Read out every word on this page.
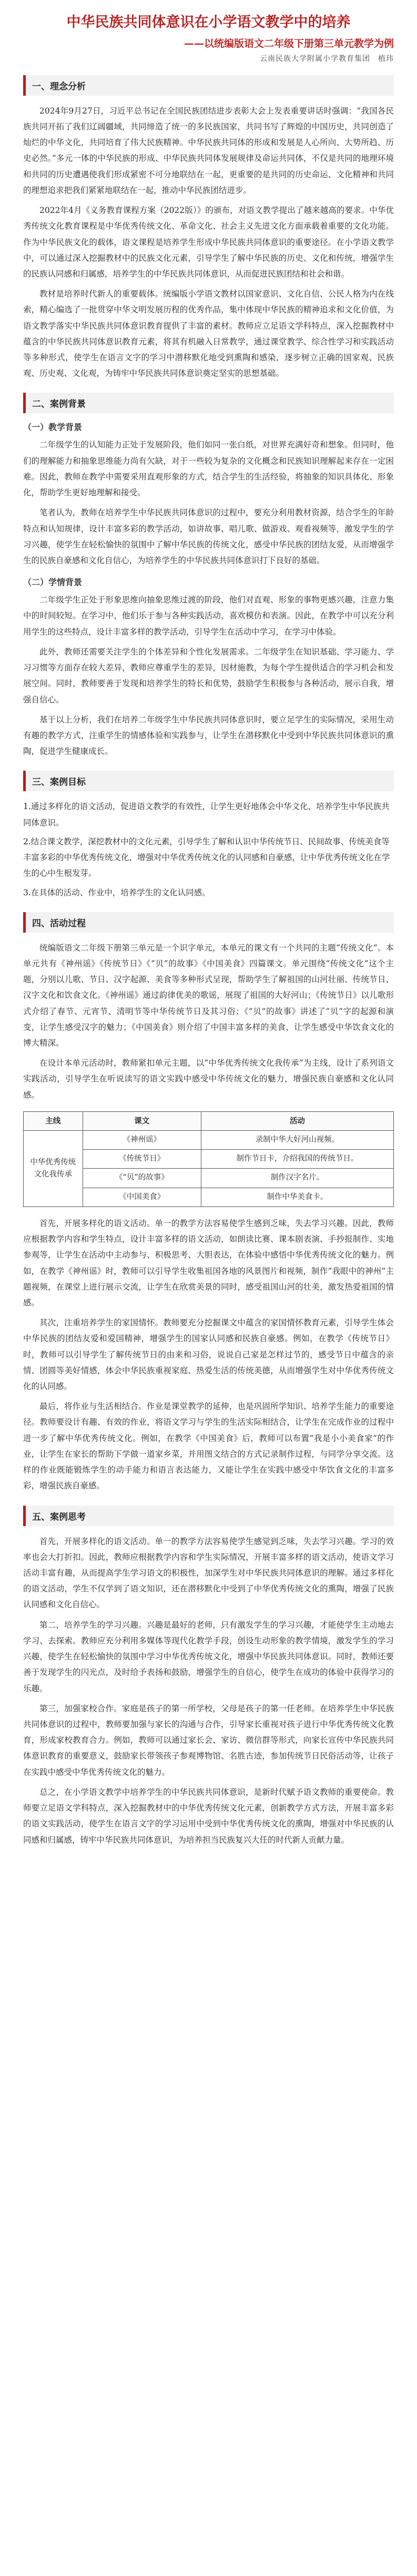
中华民族共同体意识在小学语文教学中的培养
——以统编版语文二年级下册第三单元教学为例
云南民族大学附属小学教育集团　植玮
一、理念分析

2024年9月27日，习近平总书记在全国民族团结进步表彰大会上发表重要讲话时强调：“我国各民族共同开拓了我们辽阔疆域，共同缔造了统一的多民族国家，共同书写了辉煌的中国历史，共同创造了灿烂的中华文化，共同培育了伟大民族精神。中华民族共同体的形成和发展是人心所向、大势所趋、历史必然。”多元一体的中华民族的形成、中华民族共同体发展规律及命运共同体，不仅是共同的地理环境和共同的历史遭遇使我们形成紧密不可分地联结在一起，更重要的是共同的历史命运、文化精神和共同的理想追求把我们紧紧地联结在一起，推动中华民族团结进步。

2022年4月《义务教育课程方案（2022版）》的颁布，对语文教学提出了越来越高的要求。中华优秀传统文化教育课程是中华优秀传统文化、革命文化、社会主义先进文化方面承载着重要的文化功能。作为中华民族文化的载体，语文课程是培养学生形成中华民族共同体意识的重要途径。在小学语文教学中，可以通过深入挖掘教材中的民族文化元素，引导学生了解中华民族的历史、文化和传统，增强学生的民族认同感和归属感，培养学生的中华民族共同体意识，从而促进民族团结和社会和谐。

教材是培养时代新人的重要载体。统编版小学语文教材以国家意识、文化自信、公民人格为内在线索，精心编选了一批贯穿中华文明发展历程的优秀作品，集中体现中华民族的精神追求和文化价值，为语文教学落实中华民族共同体意识教育提供了丰富的素材。教师应立足语文学科特点，深入挖掘教材中蕴含的中华民族共同体意识教育元素，将其有机融入日常教学，通过课堂教学、综合性学习和实践活动等多种形式，使学生在语言文字的学习中潜移默化地受到熏陶和感染，逐步树立正确的国家观、民族观、历史观、文化观，为铸牢中华民族共同体意识奠定坚实的思想基础。

二、案例背景
（一）教学背景

二年级学生的认知能力正处于发展阶段，他们如同一张白纸，对世界充满好奇和想象。但同时，他们的理解能力和抽象思维能力尚有欠缺，对于一些较为复杂的文化概念和民族知识理解起来存在一定困难。因此，教师在教学中需要采用直观形象的方式，结合学生的生活经验，将抽象的知识具体化、形象化，帮助学生更好地理解和接受。

笔者认为，教师在培养学生中华民族共同体意识的过程中，要充分利用教材资源，结合学生的年龄特点和认知规律，设计丰富多彩的教学活动，如讲故事、唱儿歌、做游戏、观看视频等，激发学生的学习兴趣，使学生在轻松愉快的氛围中了解中华民族的传统文化，感受中华民族的团结友爱，从而增强学生的民族自豪感和文化自信心，为培养学生的中华民族共同体意识打下良好的基础。

（二）学情背景

二年级学生正处于形象思维向抽象思维过渡的阶段，他们对直观、形象的事物更感兴趣，注意力集中的时间较短。在学习中，他们乐于参与各种实践活动，喜欢模仿和表演。因此，在教学中可以充分利用学生的这些特点，设计丰富多样的教学活动，引导学生在活动中学习，在学习中体验。

此外，教师还需要关注学生的个体差异和个性化发展需求。二年级学生在知识基础、学习能力、学习习惯等方面存在较大差异，教师应尊重学生的差异，因材施教，为每个学生提供适合的学习机会和发展空间。同时，教师要善于发现和培养学生的特长和优势，鼓励学生积极参与各种活动，展示自我，增强自信心。

基于以上分析，我们在培养二年级学生中华民族共同体意识时，要立足学生的实际情况，采用生动有趣的教学方式，注重学生的情感体验和实践参与，让学生在潜移默化中受到中华民族共同体意识的熏陶，促进学生健康成长。

三、案例目标

1.通过多样化的语文活动，促进语文教学的有效性，让学生更好地体会中华文化，培养学生中华民族共同体意识。

2.结合课文教学，深挖教材中的文化元素，引导学生了解和认识中华传统节日、民间故事、传统美食等丰富多彩的中华优秀传统文化，增强对中华优秀传统文化的认同感和自豪感，让中华优秀传统文化在学生的心中生根发芽。

3.在具体的活动、作业中，培养学生的文化认同感。

四、活动过程

统编版语文二年级下册第三单元是一个识字单元，本单元的课文有一个共同的主题“传统文化”。本单元共有《神州谣》《传统节日》《“贝”的故事》《中国美食》四篇课文。单元围绕“传统文化”这个主题，分别以儿歌、节日、汉字起源、美食等多种形式呈现，帮助学生了解祖国的山河壮丽、传统节日、汉字文化和饮食文化。《神州谣》通过韵律优美的歌谣，展现了祖国的大好河山；《传统节日》以儿歌形式介绍了春节、元宵节、清明节等中华传统节日及其习俗；《“贝”的故事》讲述了“贝”字的起源和演变，让学生感受汉字的魅力；《中国美食》则介绍了中国丰富多样的美食，让学生感受中华饮食文化的博大精深。

在设计本单元活动时，教师紧扣单元主题，以“中华优秀传统文化我传承”为主线，设计了系列语文实践活动，引导学生在听说读写的语文实践中感受中华传统文化的魅力，增强民族自豪感和文化认同感。

主线	课文	活动
中华优秀传统文化我传承	《神州谣》	录制中华大好河山视频。
	《传统节日》	制作节日卡，介绍我国的传统节日。
	《“贝”的故事》	制作汉字名片。
	《中国美食》	制作中华美食卡。

首先，开展多样化的语文活动。单一的教学方法容易使学生感到乏味，失去学习兴趣。因此，教师应根据教学内容和学生特点，设计丰富多样的语文活动，如朗读比赛、课本剧表演、手抄报制作、实地参观等，让学生在活动中主动参与、积极思考、大胆表达，在体验中感悟中华优秀传统文化的魅力。例如，在教学《神州谣》时，教师可以引导学生收集祖国各地的风景图片和视频，制作“我眼中的神州”主题视频，在课堂上进行展示交流，让学生在欣赏美景的同时，感受祖国山河的壮美，激发热爱祖国的情感。

其次，注重培养学生的家国情怀。教师要充分挖掘课文中蕴含的家国情怀教育元素，引导学生体会中华民族的团结友爱和爱国精神，增强学生的国家认同感和民族自豪感。例如，在教学《传统节日》时，教师可以引导学生了解传统节日的由来和习俗，说说自己家是怎样过节的，感受节日中蕴含的亲情、团圆等美好情感，体会中华民族重视家庭、热爱生活的传统美德，从而增强学生对中华优秀传统文化的认同感。

最后，将作业与生活相结合。作业是课堂教学的延伸，也是巩固所学知识、培养学生能力的重要途径。教师要设计有趣、有效的作业，将语文学习与学生的生活实际相结合，让学生在完成作业的过程中进一步了解中华优秀传统文化。例如，在教学《中国美食》后，教师可以布置“我是小小美食家”的作业，让学生在家长的帮助下学做一道家乡菜，并用图文结合的方式记录制作过程，与同学分享交流。这样的作业既能锻炼学生的动手能力和语言表达能力，又能让学生在实践中感受中华饮食文化的丰富多彩，增强民族自豪感。

五、案例思考

首先，开展多样化的语文活动。单一的教学方法容易使学生感觉到乏味，失去学习兴趣。学习的效率也会大打折扣。因此，教师应根据教学内容和学生实际情况，开展丰富多样的语文活动，使语文学习活动丰富有趣，从而提高学生学习语文的积极性，加深学生对中华民族共同体意识的理解。通过多样化的语文活动，学生不仅学到了语文知识，还在潜移默化中受到了中华优秀传统文化的熏陶，增强了民族认同感和文化自信心。

第二，培养学生的学习兴趣。兴趣是最好的老师，只有激发学生的学习兴趣，才能使学生主动地去学习、去探索。教师应充分利用多媒体等现代化教学手段，创设生动形象的教学情境，激发学生的学习兴趣，使学生在轻松愉快的氛围中学习中华优秀传统文化，增强中华民族共同体意识。同时，教师还要善于发现学生的闪光点，及时给予表扬和鼓励，增强学生的自信心，使学生在成功的体验中获得学习的乐趣。

第三，加强家校合作。家庭是孩子的第一所学校，父母是孩子的第一任老师。在培养学生中华民族共同体意识的过程中，教师要加强与家长的沟通与合作，引导家长重视对孩子进行中华优秀传统文化教育，形成家校教育合力。例如，教师可以通过家长会、家访、微信群等形式，向家长宣传中华民族共同体意识教育的重要意义，鼓励家长带领孩子参观博物馆、名胜古迹，参加传统节日民俗活动等，让孩子在实践中感受中华优秀传统文化的魅力。

总之，在小学语文教学中培养学生的中华民族共同体意识，是新时代赋予语文教师的重要使命。教师要立足语文学科特点，深入挖掘教材中的中华优秀传统文化元素，创新教学方式方法，开展丰富多彩的语文实践活动，使学生在语言文字的学习运用中受到中华优秀传统文化的熏陶，增强对中华民族的认同感和归属感，铸牢中华民族共同体意识，为培养担当民族复兴大任的时代新人贡献力量。
